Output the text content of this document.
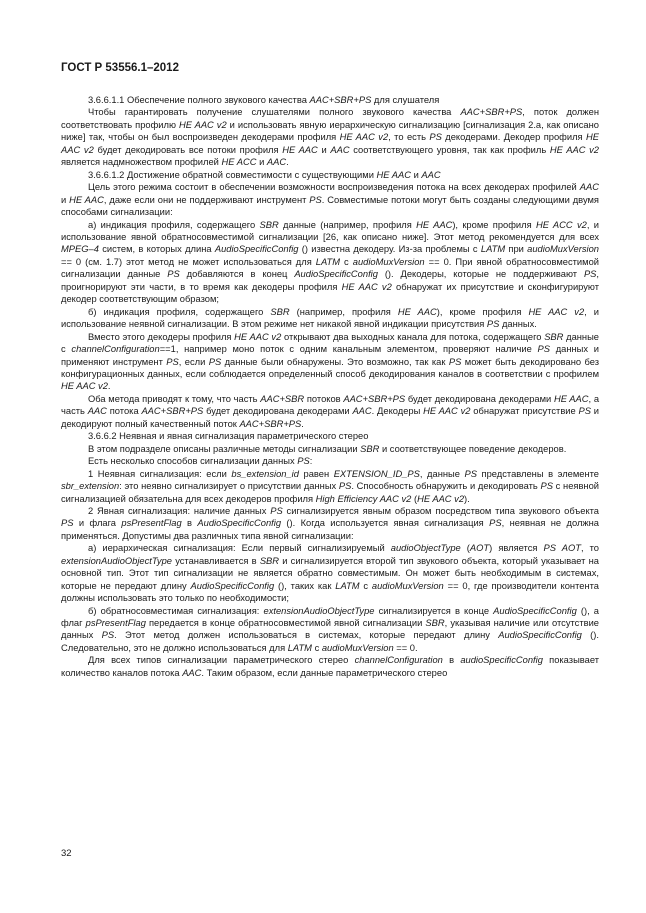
ГОСТ Р 53556.1–2012

3.6.6.1.1 Обеспечение полного звукового качества AAC+SBR+PS для слушателя

Чтобы гарантировать получение слушателями полного звукового качества AAC+SBR+PS, поток должен соответствовать профилю HE AAC v2 и использовать явную иерархическую сигнализацию [сигнализация 2.а, как описано ниже] так, чтобы он был воспроизведен декодерами профиля HE AAC v2, то есть PS декодерами. Декодер профиля HE AAC v2 будет декодировать все потоки профиля HE AAC и AAC соответствующего уровня, так как профиль HE AAC v2 является надмножеством профилей HE ACC и AAC.

3.6.6.1.2 Достижение обратной совместимости с существующими HE AAC и AAC

Цель этого режима состоит в обеспечении возможности воспроизведения потока на всех декодерах профилей AAC и HE AAC, даже если они не поддерживают инструмент PS. Совместимые потоки могут быть созданы следующими двумя способами сигнализации:

а) индикация профиля, содержащего SBR данные (например, профиля HE AAC), кроме профиля HE ACC v2, и использование явной обратносовместимой сигнализации [26, как описано ниже]. Этот метод рекомендуется для всех MPEG–4 систем, в которых длина AudioSpecificConfig () известна декодеру. Из-за проблемы с LATM при audioMuxVersion == 0 (см. 1.7) этот метод не может использоваться для LATM с audioMuxVersion == 0. При явной обратносовместимой сигнализации данные PS добавляются в конец AudioSpecificConfig (). Декодеры, которые не поддерживают PS, проигнорируют эти части, в то время как декодеры профиля HE AAC v2 обнаружат их присутствие и сконфигурируют декодер соответствующим образом;

б) индикация профиля, содержащего SBR (например, профиля HE AAC), кроме профиля HE AAC v2, и использование неявной сигнализации. В этом режиме нет никакой явной индикации присутствия PS данных.

Вместо этого декодеры профиля HE AAC v2 открывают два выходных канала для потока, содержащего SBR данные с channelConfiguration==1, например моно поток с одним канальным элементом, проверяют наличие PS данных и применяют инструмент PS, если PS данные были обнаружены. Это возможно, так как PS может быть декодировано без конфигурационных данных, если соблюдается определенный способ декодирования каналов в соответствии с профилем HE AAC v2.

Оба метода приводят к тому, что часть AAC+SBR потоков AAC+SBR+PS будет декодирована декодерами HE AAC, а часть AAC потока AAC+SBR+PS будет декодирована декодерами AAC. Декодеры HE AAC v2 обнаружат присутствие PS и декодируют полный качественный поток AAC+SBR+PS.

3.6.6.2 Неявная и явная сигнализация параметрического стерео

В этом подразделе описаны различные методы сигнализации SBR и соответствующее поведение декодеров.

Есть несколько способов сигнализации данных PS:

1 Неявная сигнализация: если bs_extension_id равен EXTENSION_ID_PS, данные PS представлены в элементе sbr_extension: это неявно сигнализирует о присутствии данных PS. Способность обнаружить и декодировать PS с неявной сигнализацией обязательна для всех декодеров профиля High Efficiency AAC v2 (HE AAC v2).

2 Явная сигнализация: наличие данных PS сигнализируется явным образом посредством типа звукового объекта PS и флага psPresentFlag в AudioSpecificConfig (). Когда используется явная сигнализация PS, неявная не должна применяться. Допустимы два различных типа явной сигнализации:

а) иерархическая сигнализация: Если первый сигнализируемый audioObjectType (AOT) является PS AOT, то extensionAudioObjectType устанавливается в SBR и сигнализируется второй тип звукового объекта, который указывает на основной тип. Этот тип сигнализации не является обратно совместимым. Он может быть необходимым в системах, которые не передают длину AudioSpecificConfig (), таких как LATM с audioMuxVersion == 0, где производители контента должны использовать это только по необходимости;

б) обратносовместимая сигнализация: extensionAudioObjectType сигнализируется в конце AudioSpecificConfig (), а флаг psPresentFlag передается в конце обратносовместимой явной сигнализации SBR, указывая наличие или отсутствие данных PS. Этот метод должен использоваться в системах, которые передают длину AudioSpecificConfig (). Следовательно, это не должно использоваться для LATM с audioMuxVersion == 0.

Для всех типов сигнализации параметрического стерео channelConfiguration в audioSpecificConfig показывает количество каналов потока AAC. Таким образом, если данные параметрического стерео

32
